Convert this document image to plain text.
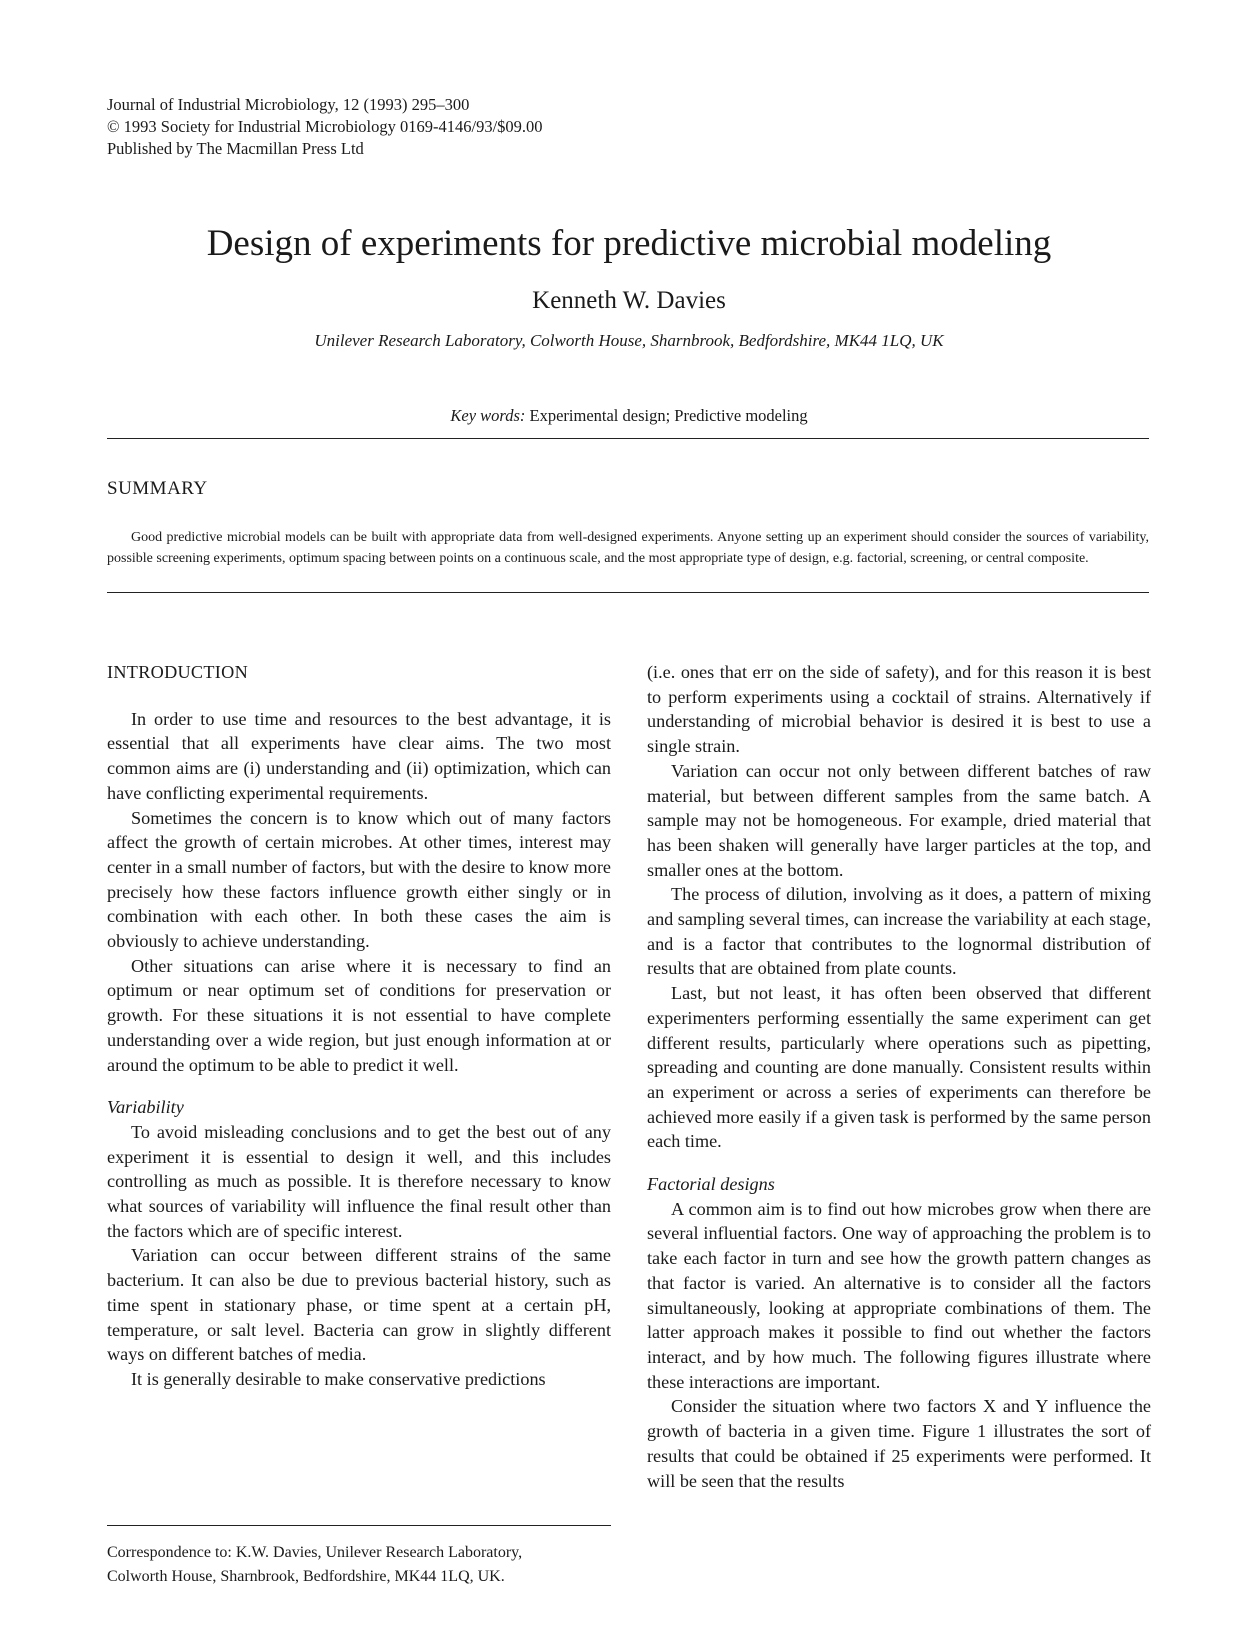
Journal of Industrial Microbiology, 12 (1993) 295–300
© 1993 Society for Industrial Microbiology 0169-4146/93/$09.00
Published by The Macmillan Press Ltd
Design of experiments for predictive microbial modeling
Kenneth W. Davies
Unilever Research Laboratory, Colworth House, Sharnbrook, Bedfordshire, MK44 1LQ, UK
Key words: Experimental design; Predictive modeling
SUMMARY

Good predictive microbial models can be built with appropriate data from well-designed experiments. Anyone setting up an experiment should consider the sources of variability, possible screening experiments, optimum spacing between points on a continuous scale, and the most appropriate type of design, e.g. factorial, screening, or central composite.

INTRODUCTION

In order to use time and resources to the best advantage, it is essential that all experiments have clear aims. The two most common aims are (i) understanding and (ii) optimization, which can have conflicting experimental requirements.

Sometimes the concern is to know which out of many factors affect the growth of certain microbes. At other times, interest may center in a small number of factors, but with the desire to know more precisely how these factors influence growth either singly or in combination with each other. In both these cases the aim is obviously to achieve understanding.

Other situations can arise where it is necessary to find an optimum or near optimum set of conditions for preservation or growth. For these situations it is not essential to have complete understanding over a wide region, but just enough information at or around the optimum to be able to predict it well.

Variability

To avoid misleading conclusions and to get the best out of any experiment it is essential to design it well, and this includes controlling as much as possible. It is therefore necessary to know what sources of variability will influence the final result other than the factors which are of specific interest.

Variation can occur between different strains of the same bacterium. It can also be due to previous bacterial history, such as time spent in stationary phase, or time spent at a certain pH, temperature, or salt level. Bacteria can grow in slightly different ways on different batches of media.

It is generally desirable to make conservative predictions

(i.e. ones that err on the side of safety), and for this reason it is best to perform experiments using a cocktail of strains. Alternatively if understanding of microbial behavior is desired it is best to use a single strain.

Variation can occur not only between different batches of raw material, but between different samples from the same batch. A sample may not be homogeneous. For example, dried material that has been shaken will generally have larger particles at the top, and smaller ones at the bottom.

The process of dilution, involving as it does, a pattern of mixing and sampling several times, can increase the variability at each stage, and is a factor that contributes to the lognormal distribution of results that are obtained from plate counts.

Last, but not least, it has often been observed that different experimenters performing essentially the same experiment can get different results, particularly where operations such as pipetting, spreading and counting are done manually. Consistent results within an experiment or across a series of experiments can therefore be achieved more easily if a given task is performed by the same person each time.

Factorial designs

A common aim is to find out how microbes grow when there are several influential factors. One way of approaching the problem is to take each factor in turn and see how the growth pattern changes as that factor is varied. An alternative is to consider all the factors simultaneously, looking at appropriate combinations of them. The latter approach makes it possible to find out whether the factors interact, and by how much. The following figures illustrate where these interactions are important.

Consider the situation where two factors X and Y influence the growth of bacteria in a given time. Figure 1 illustrates the sort of results that could be obtained if 25 experiments were performed. It will be seen that the results

Correspondence to: K.W. Davies, Unilever Research Laboratory,
Colworth House, Sharnbrook, Bedfordshire, MK44 1LQ, UK.
